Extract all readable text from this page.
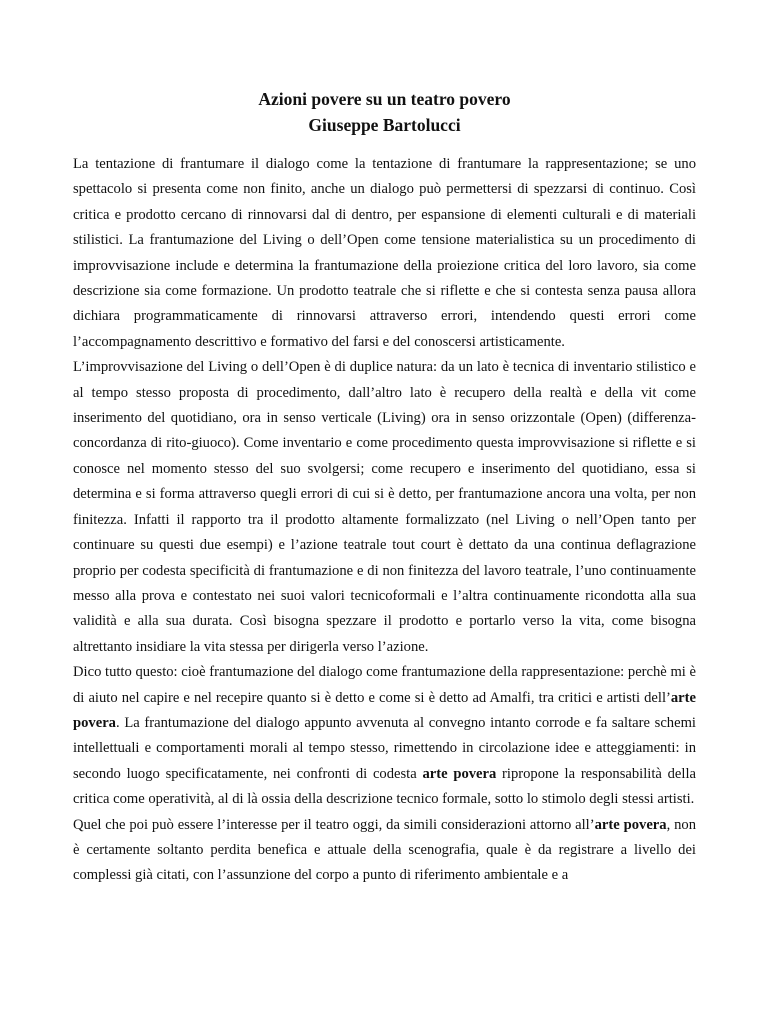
Azioni povere su un teatro povero
Giuseppe Bartolucci

La tentazione di frantumare il dialogo come la tentazione di frantumare la rappresentazione; se uno spettacolo si presenta come non finito, anche un dialogo può permettersi di spezzarsi di continuo. Così critica e prodotto cercano di rinnovarsi dal di dentro, per espansione di elementi culturali e di materiali stilistici. La frantumazione del Living o dell’Open come tensione materialistica su un procedimento di improvvisazione include e determina la frantumazione della proiezione critica del loro lavoro, sia come descrizione sia come formazione. Un prodotto teatrale che si riflette e che si contesta senza pausa allora dichiara programmaticamente di rinnovarsi attraverso errori, intendendo questi errori come l’accompagnamento descrittivo e formativo del farsi e del conoscersi artisticamente.

L’improvvisazione del Living o dell’Open è di duplice natura: da un lato è tecnica di inventario stilistico e al tempo stesso proposta di procedimento, dall’altro lato è recupero della realtà e della vit come inserimento del quotidiano, ora in senso verticale (Living) ora in senso orizzontale (Open) (differenza-concordanza di rito-giuoco). Come inventario e come procedimento questa improvvisazione si riflette e si conosce nel momento stesso del suo svolgersi; come recupero e inserimento del quotidiano, essa si determina e si forma attraverso quegli errori di cui si è detto, per frantumazione ancora una volta, per non finitezza. Infatti il rapporto tra il prodotto altamente formalizzato (nel Living o nell’Open tanto per continuare su questi due esempi) e l’azione teatrale tout court è dettato da una continua deflagrazione proprio per codesta specificità di frantumazione e di non finitezza del lavoro teatrale, l’uno continuamente messo alla prova e contestato nei suoi valori tecnicoformali e l’altra continuamente ricondotta alla sua validità e alla sua durata. Così bisogna spezzare il prodotto e portarlo verso la vita, come bisogna altrettanto insidiare la vita stessa per dirigerla verso l’azione.

Dico tutto questo: cioè frantumazione del dialogo come frantumazione della rappresentazione: perchè mi è di aiuto nel capire e nel recepire quanto si è detto e come si è detto ad Amalfi, tra critici e artisti dell’arte povera. La frantumazione del dialogo appunto avvenuta al convegno intanto corrode e fa saltare schemi intellettuali e comportamenti morali al tempo stesso, rimettendo in circolazione idee e atteggiamenti: in secondo luogo specificatamente, nei confronti di codesta arte povera ripropone la responsabilità della critica come operatività, al di là ossia della descrizione tecnico formale, sotto lo stimolo degli stessi artisti.

Quel che poi può essere l’interesse per il teatro oggi, da simili considerazioni attorno all’arte povera, non è certamente soltanto perdita benefica e attuale della scenografia, quale è da registrare a livello dei complessi già citati, con l’assunzione del corpo a punto di riferimento ambientale e a
